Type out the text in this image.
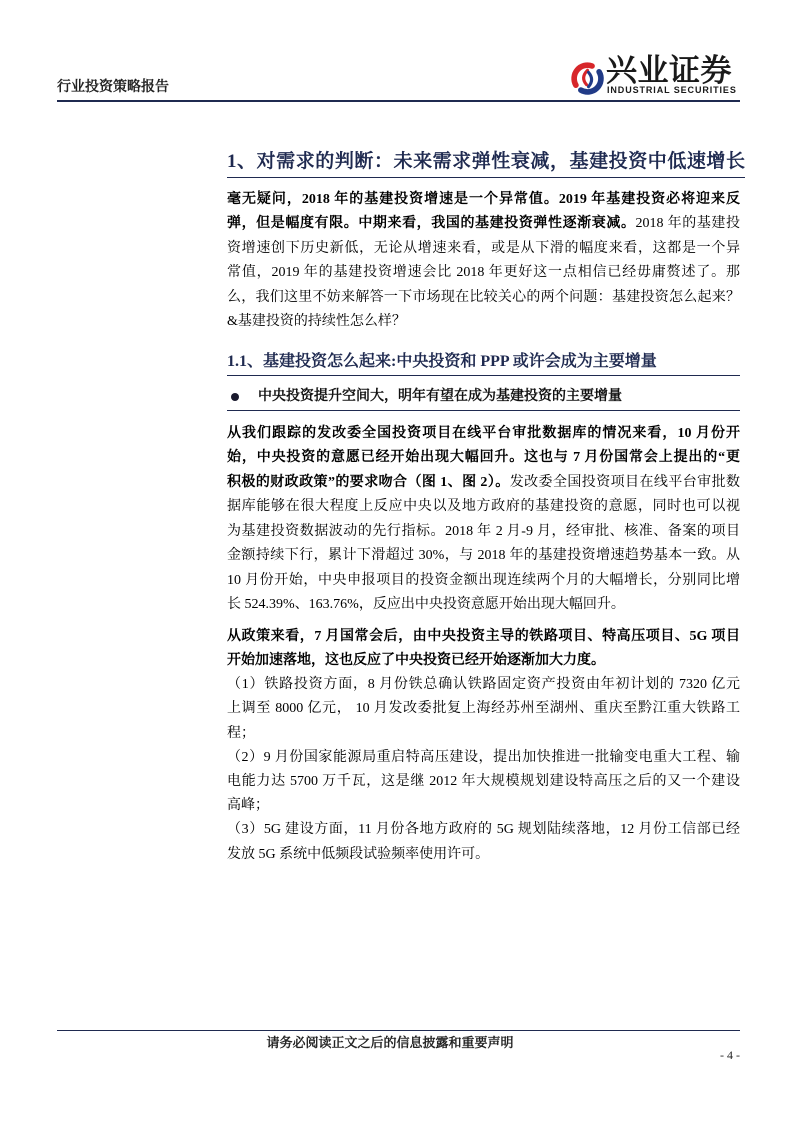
行业投资策略报告	兴业证券
INDUSTRIAL SECURITIES
1、对需求的判断：未来需求弹性衰减，基建投资中低速增长
毫无疑问，2018 年的基建投资增速是一个异常值。2019 年基建投资必将迎来反
弹，但是幅度有限。中期来看，我国的基建投资弹性逐渐衰减。2018 年的基建投
资增速创下历史新低，无论从增速来看，或是从下滑的幅度来看，这都是一个异
常值，2019 年的基建投资增速会比 2018 年更好这一点相信已经毋庸赘述了。那
么，我们这里不妨来解答一下市场现在比较关心的两个问题：基建投资怎么起来？
&基建投资的持续性怎么样？
1.1、基建投资怎么起来:中央投资和 PPP 或许会成为主要增量
中央投资提升空间大，明年有望在成为基建投资的主要增量
从我们跟踪的发改委全国投资项目在线平台审批数据库的情况来看，10 月份开
始，中央投资的意愿已经开始出现大幅回升。这也与 7 月份国常会上提出的“更
积极的财政政策”的要求吻合（图 1、图 2）。发改委全国投资项目在线平台审批数
据库能够在很大程度上反应中央以及地方政府的基建投资的意愿，同时也可以视
为基建投资数据波动的先行指标。2018 年 2 月-9 月，经审批、核准、备案的项目
金额持续下行，累计下滑超过 30%，与 2018 年的基建投资增速趋势基本一致。从
10 月份开始，中央申报项目的投资金额出现连续两个月的大幅增长，分别同比增
长 524.39%、163.76%，反应出中央投资意愿开始出现大幅回升。
从政策来看，7 月国常会后，由中央投资主导的铁路项目、特高压项目、5G 项目
开始加速落地，这也反应了中央投资已经开始逐渐加大力度。
（1）铁路投资方面，8 月份铁总确认铁路固定资产投资由年初计划的 7320 亿元
上调至 8000 亿元， 10 月发改委批复上海经苏州至湖州、重庆至黔江重大铁路工
程；
（2）9 月份国家能源局重启特高压建设，提出加快推进一批输变电重大工程、输
电能力达 5700 万千瓦，这是继 2012 年大规模规划建设特高压之后的又一个建设
高峰；
（3）5G 建设方面，11 月份各地方政府的 5G 规划陆续落地，12 月份工信部已经
发放 5G 系统中低频段试验频率使用许可。
请务必阅读正文之后的信息披露和重要声明
- 4 -
